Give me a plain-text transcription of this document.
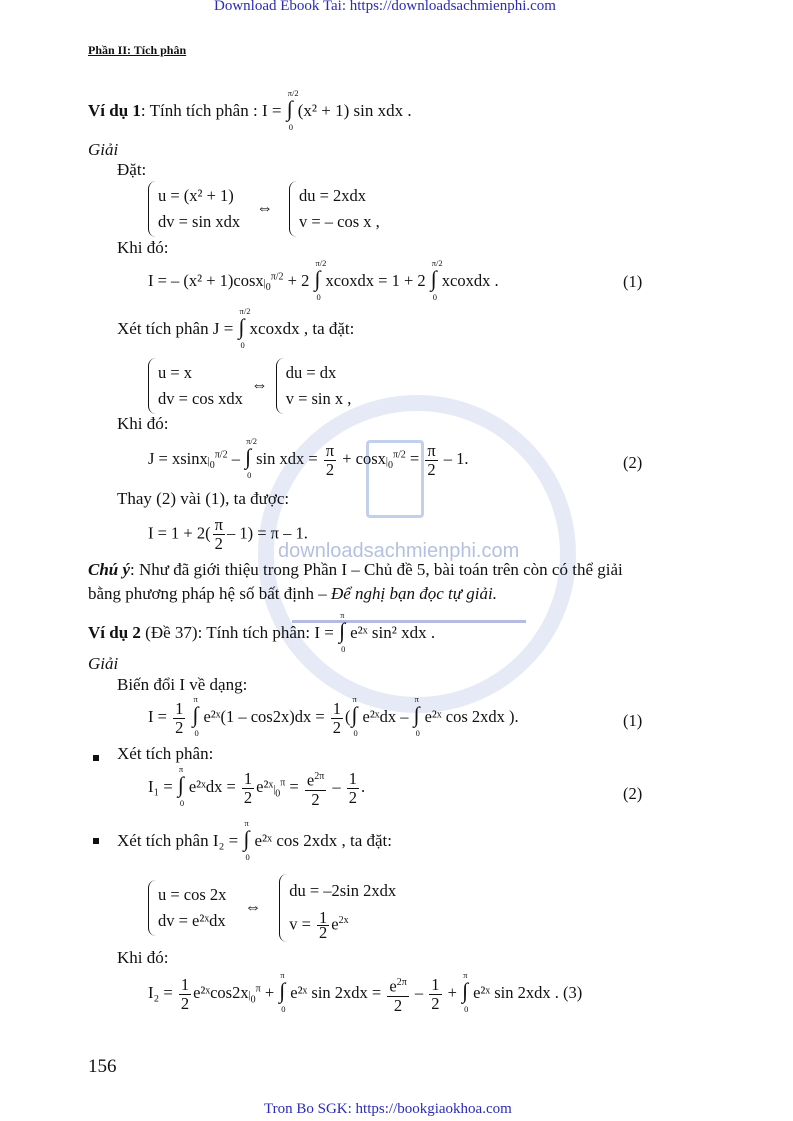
downloadsachmienphi.com
Download Ebook Tai: https://downloadsachmienphi.com
Phần II: Tích phân
Ví dụ 1: Tính tích phân : I =
π/2
∫
0
(x² + 1) sin xdx .
Giải
Đặt:
u = (x² + 1)
dv = sin xdx
⇔
du = 2xdx
v = – cos x ,
Khi đó:
I = – $(x^2 + 1)\cos x|_0^{\pi/2} + 2$
π/2
∫
0
xcoxdx = 1 + 2
π/2
∫
0
xcoxdx .	(1)
Xét tích phân J =
π/2
∫
0
xcoxdx , ta đặt:
u = x
dv = cos xdx
⇔
du = dx
v = sin x ,
Khi đó:
$J = xsinx|_0^{\pi/2}$ –
π/2
∫
0
sin xdx = $\frac{\pi}{2} + \cos x|_0^{\pi/2} = \frac{\pi}{2} - 1$.	(2)
Thay (2) vài (1), ta được:
$I = 1 + 2( \frac{\pi}{2} - 1) = \pi - 1$.
Chú ý: Như đã giới thiệu trong Phần I – Chủ đề 5, bài toán trên còn có thể giải
bằng phương pháp hệ số bất định – Để nghị bạn đọc tự giải.
Ví dụ 2 (Đề 37): Tính tích phân: I =
π
∫
0
e²ˣ sin² xdx .
Giải
Biến đổi I về dạng:
$I = \frac{1}{2}$

π
∫
0
e²ˣ(1 – $\cos 2x)dx = \frac{1}{2}$ (
π
∫
0
e²ˣdx –
π
∫
0
e²ˣ cos 2xdx ).	(1)
Xét tích phân:
I₁ =
π
∫
0
e²ˣdx = $\frac{1}{2}$ $e^2ˣ|_0^\pi = \frac{e^{2\pi}}{2} - \frac{1}{2}$ .	(2)
Xét tích phân I₂ =
π
∫
0
e²ˣ cos 2xdx , ta đặt:
u = cos 2x
dv = e²ˣdx
⇔
du = –2sin 2xdx
$v = \frac{1}{2} e^{2x}$
Khi đó:
$I_2 = \frac{1}{2}$ $e^2ˣ\cos 2x|_0^\pi$ +
π
∫
0
e²ˣ $\sin 2xdx = \frac{e^{2\pi}}{2} - \frac{1}{2}$ +
π
∫
0
e²ˣ sin 2xdx . (3)
156
Tron Bo SGK: https://bookgiaokhoa.com
